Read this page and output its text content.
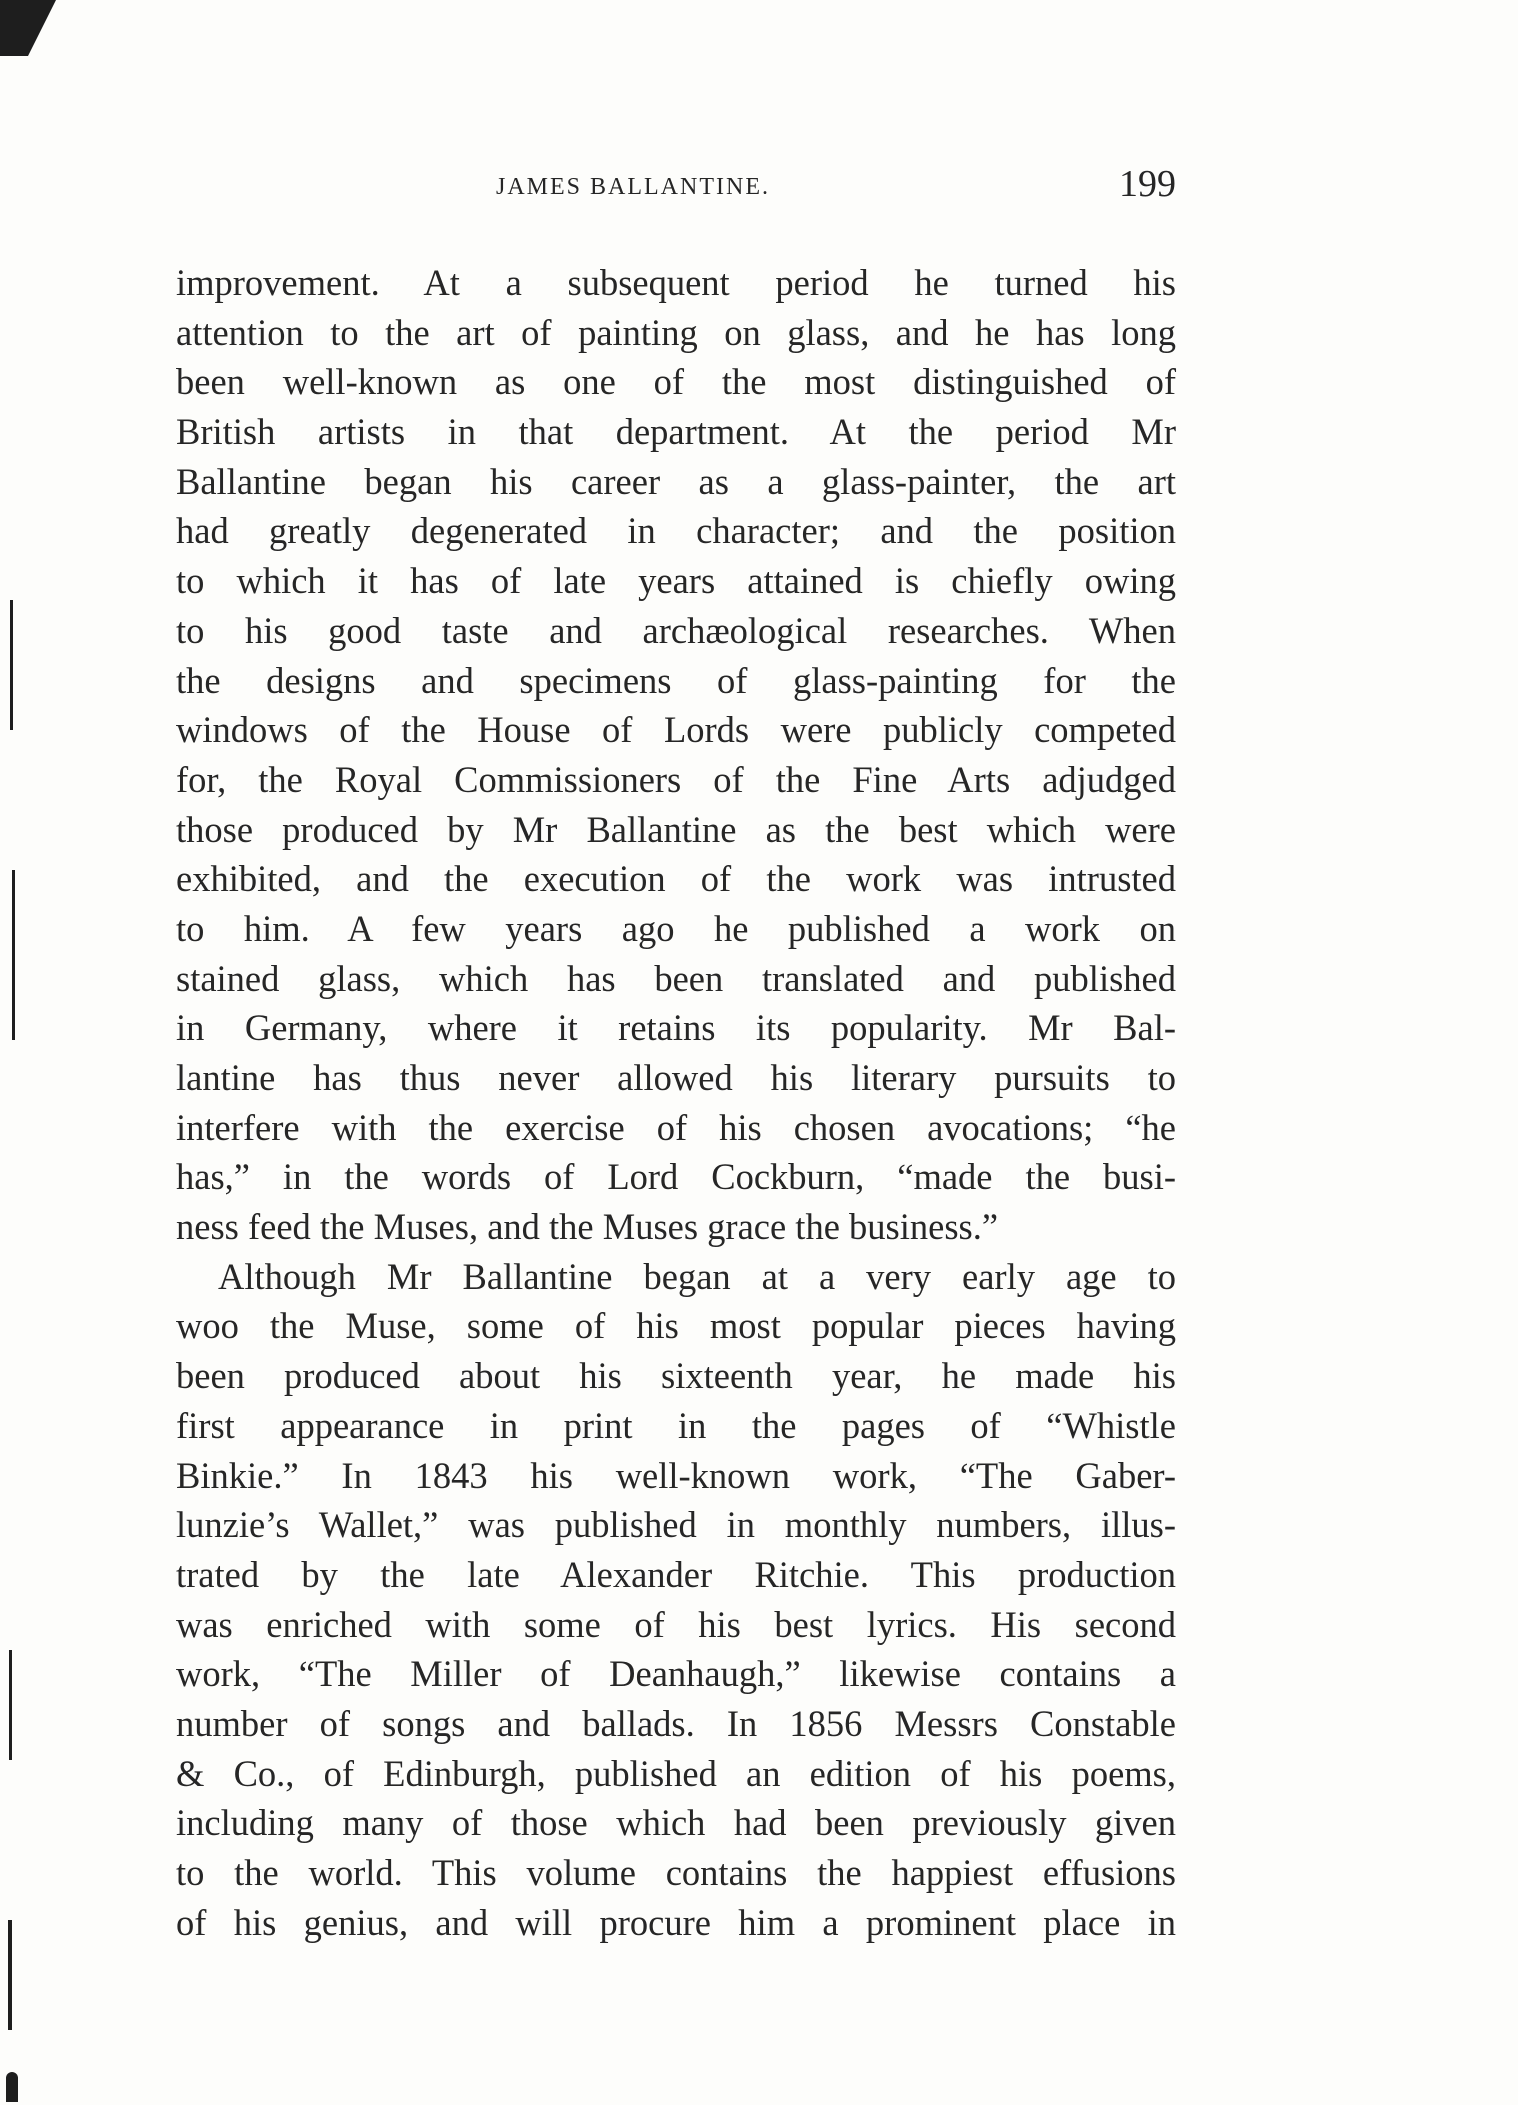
JAMES BALLANTINE.	199
improvement. At a subsequent period he turned his
attention to the art of painting on glass, and he has long
been well-known as one of the most distinguished of
British artists in that department. At the period Mr
Ballantine began his career as a glass-painter, the art
had greatly degenerated in character; and the position
to which it has of late years attained is chiefly owing
to his good taste and archæological researches. When
the designs and specimens of glass-painting for the
windows of the House of Lords were publicly competed
for, the Royal Commissioners of the Fine Arts adjudged
those produced by Mr Ballantine as the best which were
exhibited, and the execution of the work was intrusted
to him. A few years ago he published a work on
stained glass, which has been translated and published
in Germany, where it retains its popularity. Mr Bal-
lantine has thus never allowed his literary pursuits to
interfere with the exercise of his chosen avocations; “he
has,” in the words of Lord Cockburn, “made the busi-
ness feed the Muses, and the Muses grace the business.”
Although Mr Ballantine began at a very early age to
woo the Muse, some of his most popular pieces having
been produced about his sixteenth year, he made his
first appearance in print in the pages of “Whistle
Binkie.” In 1843 his well-known work, “The Gaber-
lunzie’s Wallet,” was published in monthly numbers, illus-
trated by the late Alexander Ritchie. This production
was enriched with some of his best lyrics. His second
work, “The Miller of Deanhaugh,” likewise contains a
number of songs and ballads. In 1856 Messrs Constable
& Co., of Edinburgh, published an edition of his poems,
including many of those which had been previously given
to the world. This volume contains the happiest effusions
of his genius, and will procure him a prominent place in
